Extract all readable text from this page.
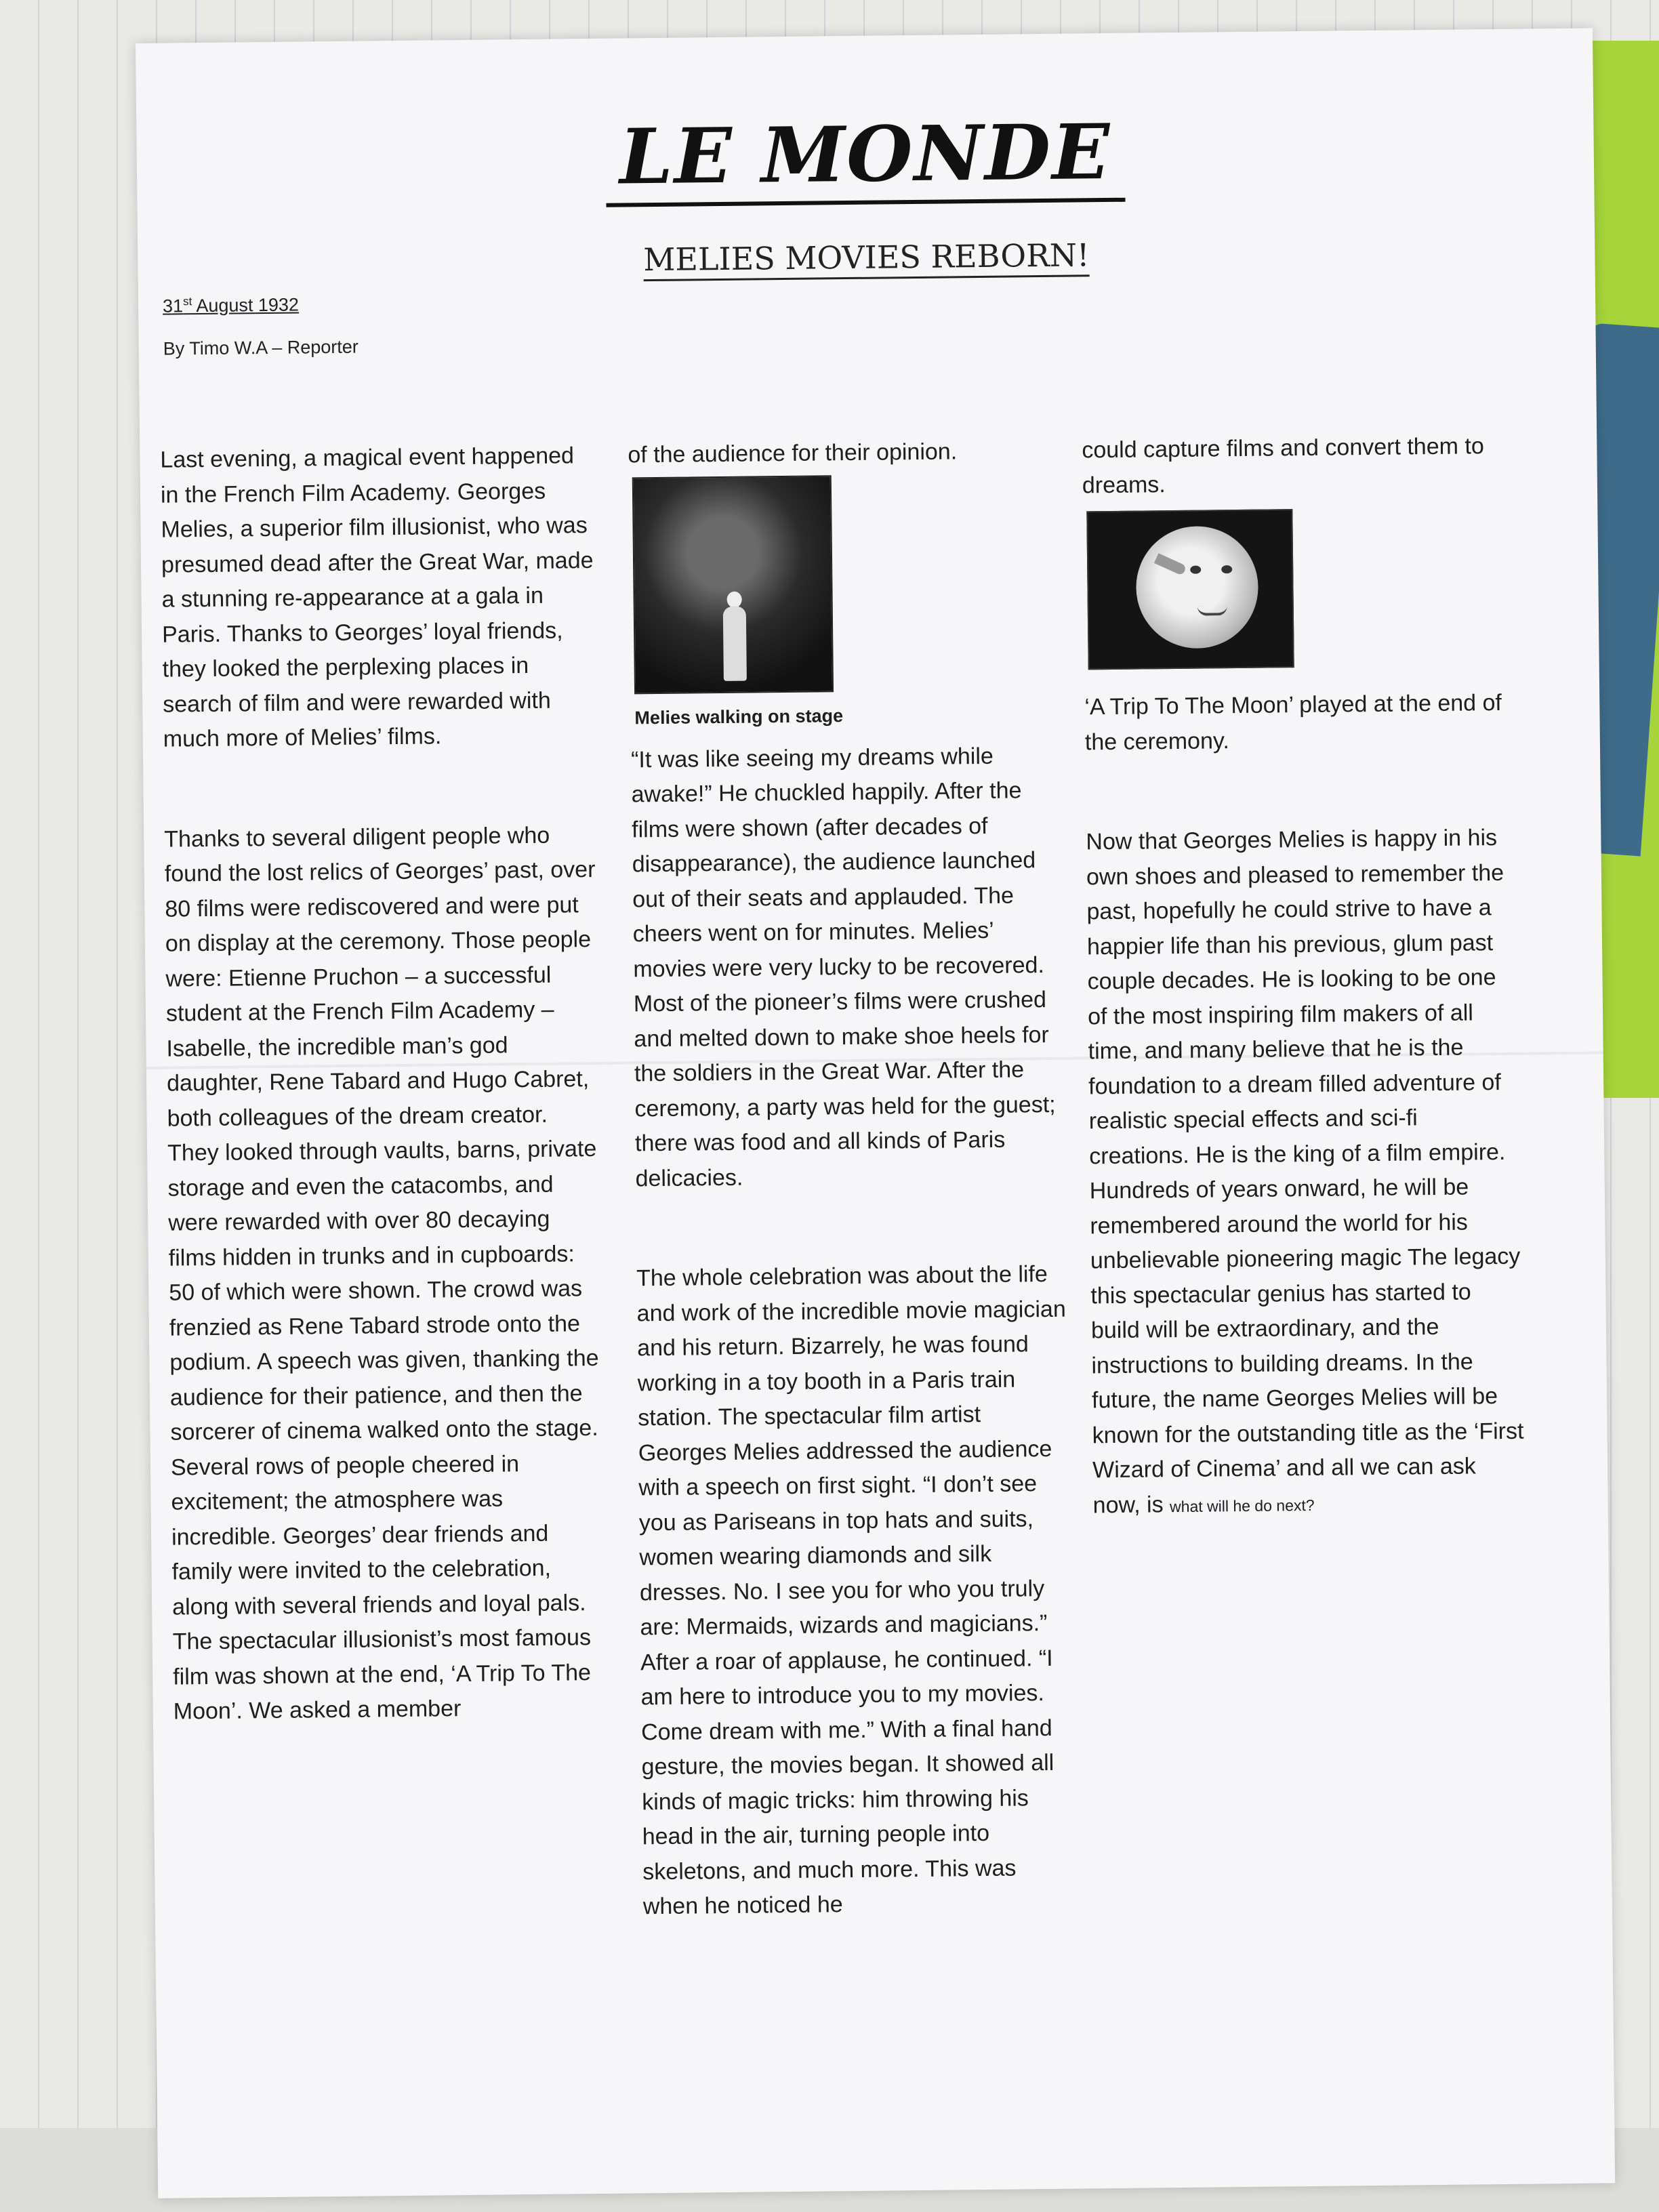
LE MONDE
MELIES MOVIES REBORN!
31st August 1932
By Timo W.A – Reporter

Last evening, a magical event happened in the French Film Academy. Georges Melies, a superior film illusionist, who was presumed dead after the Great War, made a stunning re-appearance at a gala in Paris. Thanks to Georges’ loyal friends, they looked the perplexing places in search of film and were rewarded with much more of Melies’ films.

Thanks to several diligent people who found the lost relics of Georges’ past, over 80 films were rediscovered and were put on display at the ceremony. Those people were: Etienne Pruchon – a successful student at the French Film Academy – Isabelle, the incredible man’s god daughter, Rene Tabard and Hugo Cabret, both colleagues of the dream creator. They looked through vaults, barns, private storage and even the catacombs, and were rewarded with over 80 decaying films hidden in trunks and in cupboards: 50 of which were shown. The crowd was frenzied as Rene Tabard strode onto the podium. A speech was given, thanking the audience for their patience, and then the sorcerer of cinema walked onto the stage. Several rows of people cheered in excitement; the atmosphere was incredible. Georges’ dear friends and family were invited to the celebration, along with several friends and loyal pals. The spectacular illusionist’s most famous film was shown at the end, ‘A Trip To The Moon’. We asked a member

of the audience for their opinion.

Melies walking on stage

“It was like seeing my dreams while awake!” He chuckled happily. After the films were shown (after decades of disappearance), the audience launched out of their seats and applauded. The cheers went on for minutes. Melies’ movies were very lucky to be recovered. Most of the pioneer’s films were crushed and melted down to make shoe heels for the soldiers in the Great War. After the ceremony, a party was held for the guest; there was food and all kinds of Paris delicacies.

The whole celebration was about the life and work of the incredible movie magician and his return. Bizarrely, he was found working in a toy booth in a Paris train station. The spectacular film artist Georges Melies addressed the audience with a speech on first sight. “I don’t see you as Pariseans in top hats and suits, women wearing diamonds and silk dresses. No. I see you for who you truly are: Mermaids, wizards and magicians.” After a roar of applause, he continued. “I am here to introduce you to my movies. Come dream with me.” With a final hand gesture, the movies began. It showed all kinds of magic tricks: him throwing his head in the air, turning people into skeletons, and much more. This was when he noticed he

could capture films and convert them to dreams.

‘A Trip To The Moon’ played at the end of the ceremony.

Now that Georges Melies is happy in his own shoes and pleased to remember the past, hopefully he could strive to have a happier life than his previous, glum past couple decades. He is looking to be one of the most inspiring film makers of all time, and many believe that he is the foundation to a dream filled adventure of realistic special effects and sci-fi creations. He is the king of a film empire. Hundreds of years onward, he will be remembered around the world for his unbelievable pioneering magic The legacy this spectacular genius has started to build will be extraordinary, and the instructions to building dreams. In the future, the name Georges Melies will be known for the outstanding title as the ‘First Wizard of Cinema’ and all we can ask now, is what will he do next?
